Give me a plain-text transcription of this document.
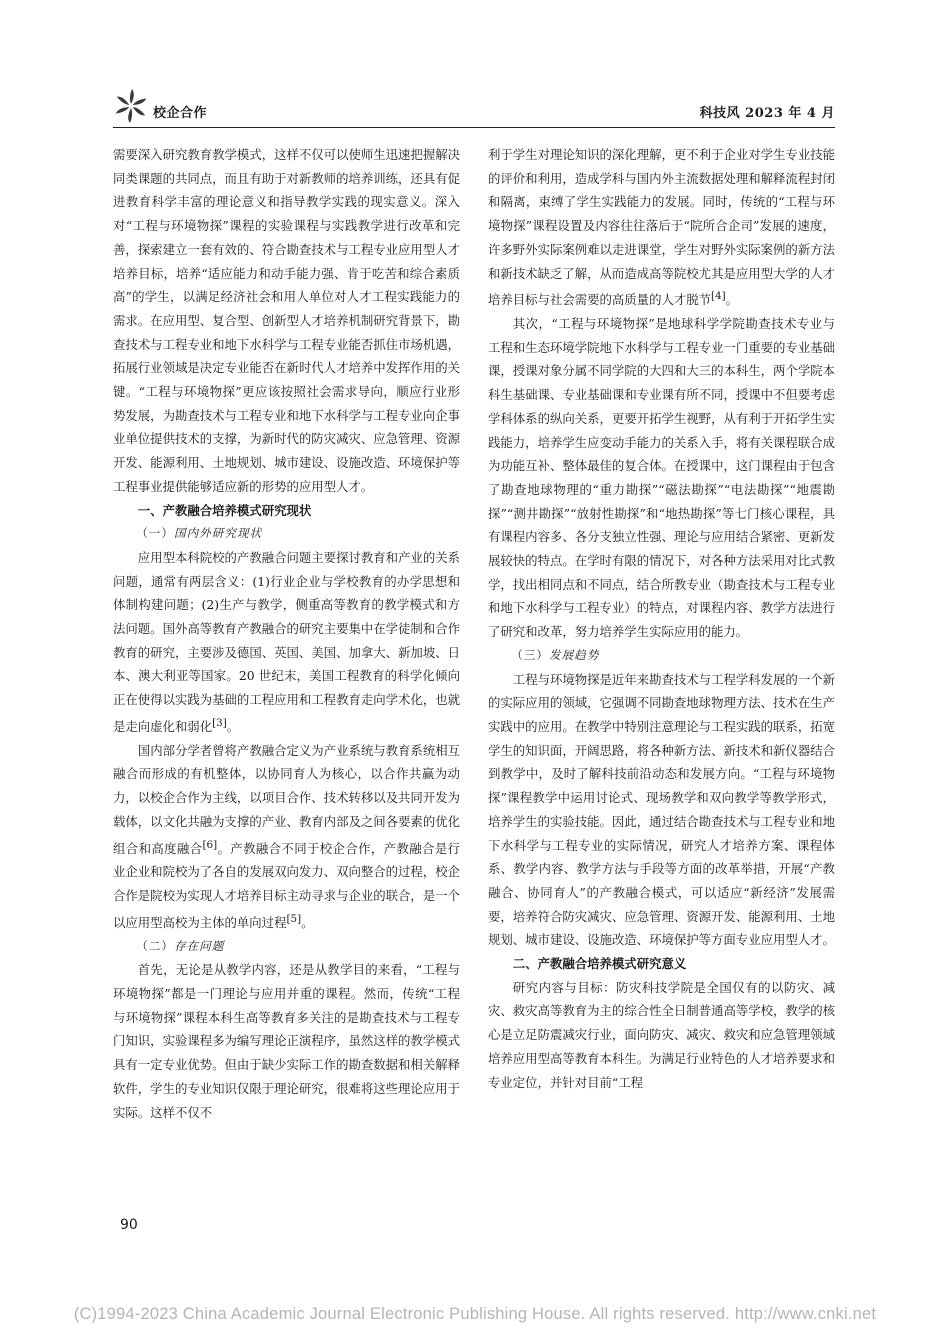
校企合作	科技风 2023 年 4 月

需要深入研究教育教学模式，这样不仅可以使师生迅速把握解决同类课题的共同点，而且有助于对新教师的培养训练，还具有促进教育科学丰富的理论意义和指导教学实践的现实意义。深入对“工程与环境物探”课程的实验课程与实践教学进行改革和完善，探索建立一套有效的、符合勘查技术与工程专业应用型人才培养目标，培养“适应能力和动手能力强、肯于吃苦和综合素质高”的学生，以满足经济社会和用人单位对人才工程实践能力的需求。在应用型、复合型、创新型人才培养机制研究背景下，勘查技术与工程专业和地下水科学与工程专业能否抓住市场机遇，拓展行业领域是决定专业能否在新时代人才培养中发挥作用的关键。“工程与环境物探”更应该按照社会需求导向，顺应行业形势发展，为勘查技术与工程专业和地下水科学与工程专业向企事业单位提供技术的支撑，为新时代的防灾减灾、应急管理、资源开发、能源利用、土地规划、城市建设、设施改造、环境保护等工程事业提供能够适应新的形势的应用型人才。

一、产教融合培养模式研究现状
（一）国内外研究现状

应用型本科院校的产教融合问题主要探讨教育和产业的关系问题，通常有两层含义：(1)行业企业与学校教育的办学思想和体制构建问题；(2)生产与教学，侧重高等教育的教学模式和方法问题。国外高等教育产教融合的研究主要集中在学徒制和合作教育的研究，主要涉及德国、英国、美国、加拿大、新加坡、日本、澳大利亚等国家。20 世纪末，美国工程教育的科学化倾向正在使得以实践为基础的工程应用和工程教育走向学术化，也就是走向虚化和弱化[3]。

国内部分学者曾将产教融合定义为产业系统与教育系统相互融合而形成的有机整体，以协同育人为核心，以合作共赢为动力，以校企合作为主线，以项目合作、技术转移以及共同开发为载体，以文化共融为支撑的产业、教育内部及之间各要素的优化组合和高度融合[6]。产教融合不同于校企合作，产教融合是行业企业和院校为了各自的发展双向发力、双向整合的过程，校企合作是院校为实现人才培养目标主动寻求与企业的联合，是一个以应用型高校为主体的单向过程[5]。

（二）存在问题

首先，无论是从教学内容，还是从教学目的来看，“工程与环境物探”都是一门理论与应用并重的课程。然而，传统“工程与环境物探”课程本科生高等教育多关注的是勘查技术与工程专门知识，实验课程多为编写理论正演程序，虽然这样的教学模式具有一定专业优势。但由于缺少实际工作的勘查数据和相关解释软件，学生的专业知识仅限于理论研究，很难将这些理论应用于实际。这样不仅不

利于学生对理论知识的深化理解，更不利于企业对学生专业技能的评价和利用，造成学科与国内外主流数据处理和解释流程封闭和隔离，束缚了学生实践能力的发展。同时，传统的“工程与环境物探”课程设置及内容往往落后于“院所合企司”发展的速度，许多野外实际案例难以走进课堂，学生对野外实际案例的新方法和新技术缺乏了解，从而造成高等院校尤其是应用型大学的人才培养目标与社会需要的高质量的人才脱节[4]。

其次，“工程与环境物探”是地球科学学院勘查技术专业与工程和生态环境学院地下水科学与工程专业一门重要的专业基础课，授课对象分属不同学院的大四和大三的本科生，两个学院本科生基础课、专业基础课和专业课有所不同，授课中不但要考虑学科体系的纵向关系，更要开拓学生视野，从有利于开拓学生实践能力，培养学生应变动手能力的关系入手，将有关课程联合成为功能互补、整体最佳的复合体。在授课中，这门课程由于包含了勘查地球物理的“重力勘探”“磁法勘探”“电法勘探”“地震勘探”“测井勘探”“放射性勘探”和“地热勘探”等七门核心课程，具有课程内容多、各分支独立性强、理论与应用结合紧密、更新发展较快的特点。在学时有限的情况下，对各种方法采用对比式教学，找出相同点和不同点，结合所教专业（勘查技术与工程专业和地下水科学与工程专业）的特点，对课程内容、教学方法进行了研究和改革，努力培养学生实际应用的能力。

（三）发展趋势

工程与环境物探是近年来勘查技术与工程学科发展的一个新的实际应用的领域，它强调不同勘查地球物理方法、技术在生产实践中的应用。在教学中特别注意理论与工程实践的联系，拓宽学生的知识面，开阔思路，将各种新方法、新技术和新仪器结合到教学中，及时了解科技前沿动态和发展方向。“工程与环境物探”课程教学中运用讨论式、现场教学和双向教学等教学形式，培养学生的实验技能。因此，通过结合勘查技术与工程专业和地下水科学与工程专业的实际情况，研究人才培养方案、课程体系、教学内容、教学方法与手段等方面的改革举措，开展“产教融合、协同育人”的产教融合模式，可以适应“新经济”发展需要，培养符合防灾减灾、应急管理、资源开发、能源利用、土地规划、城市建设、设施改造、环境保护等方面专业应用型人才。

二、产教融合培养模式研究意义

研究内容与目标：防灾科技学院是全国仅有的以防灾、减灾、救灾高等教育为主的综合性全日制普通高等学校，教学的核心是立足防震减灾行业，面向防灾、减灾、救灾和应急管理领域培养应用型高等教育本科生。为满足行业特色的人才培养要求和专业定位，并针对目前“工程

90
(C)1994-2023 China Academic Journal Electronic Publishing House. All rights reserved. http://www.cnki.net
